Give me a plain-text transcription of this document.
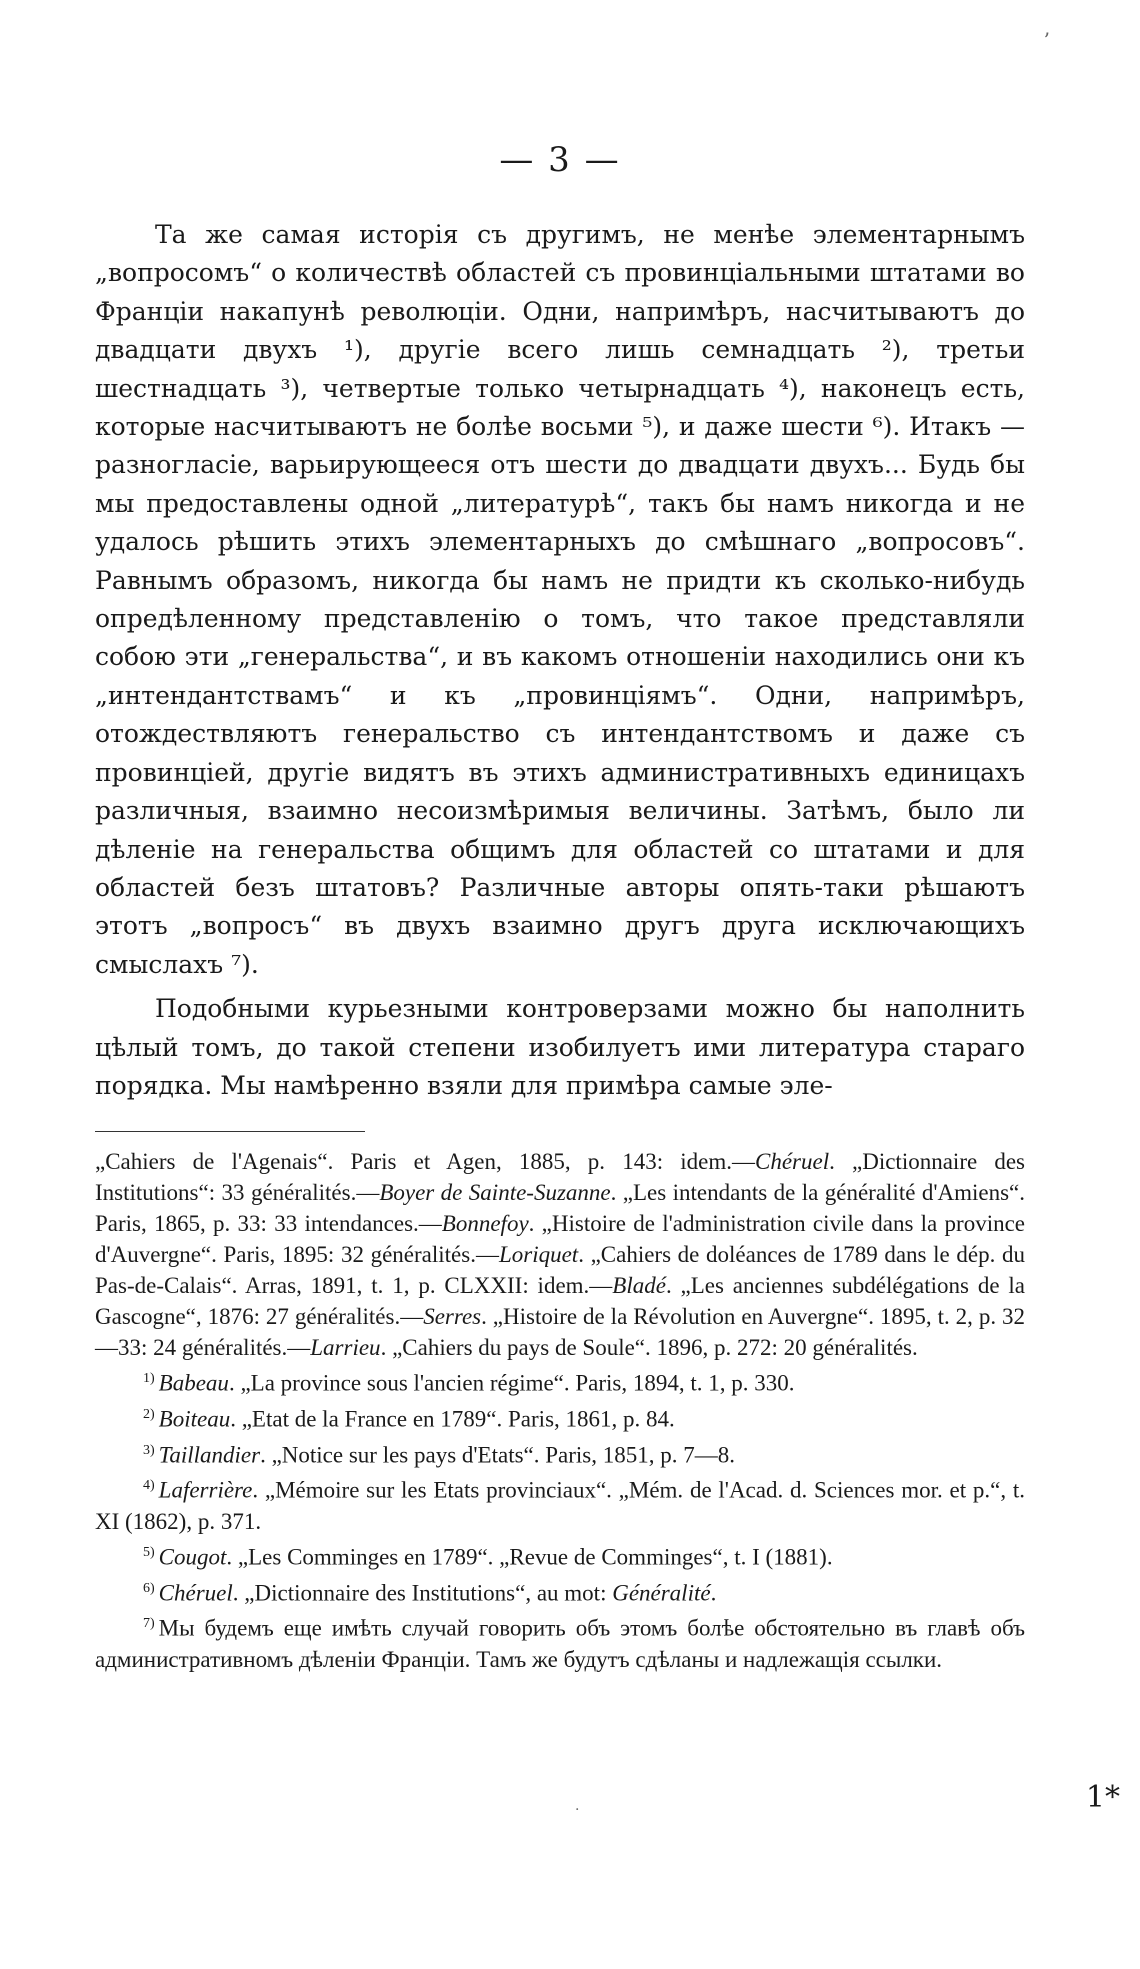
’
— 3 —

Та же самая исторія съ другимъ, не менѣе элементарнымъ „вопросомъ“ о количествѣ областей съ провинціальными штатами во Франціи накапунѣ революціи. Одни, напримѣръ, насчитываютъ до двадцати двухъ ¹), другіе всего лишь семнадцать ²), третьи шестнадцать ³), четвертые только четырнадцать ⁴), наконецъ есть, которые насчитываютъ не болѣе восьми ⁵), и даже шести ⁶). Итакъ — разногласіе, варьирующееся отъ шести до двадцати двухъ... Будь бы мы предоставлены одной „литературѣ“, такъ бы намъ никогда и не удалось рѣшить этихъ элементарныхъ до смѣшнаго „вопросовъ“. Равнымъ образомъ, никогда бы намъ не придти къ сколько-нибудь опредѣленному представленію о томъ, что такое представляли собою эти „генеральства“, и въ какомъ отношеніи находились они къ „интендантствамъ“ и къ „провинціямъ“. Одни, напримѣръ, отождествляютъ генеральство съ интендантствомъ и даже съ провинціей, другіе видятъ въ этихъ административныхъ единицахъ различныя, взаимно несоизмѣримыя величины. Затѣмъ, было ли дѣленіе на генеральства общимъ для областей со штатами и для областей безъ штатовъ? Различные авторы опять-таки рѣшаютъ этотъ „вопросъ“ въ двухъ взаимно другъ друга исключающихъ смыслахъ ⁷).

Подобными курьезными контроверзами можно бы наполнить цѣлый томъ, до такой степени изобилуетъ ими литература стараго порядка. Мы намѣренно взяли для примѣра самые эле-

„Cahiers de l'Agenais“. Paris et Agen, 1885, p. 143: idem.—Chéruel. „Dictionnaire des Institutions“: 33 généralités.—Boyer de Sainte-Suzanne. „Les intendants de la généralité d'Amiens“. Paris, 1865, p. 33: 33 intendances.—Bonnefoy. „Histoire de l'administration civile dans la province d'Auvergne“. Paris, 1895: 32 généralités.—Loriquet. „Cahiers de doléances de 1789 dans le dép. du Pas-de-Calais“. Arras, 1891, t. 1, p. CLXXII: idem.—Bladé. „Les anciennes subdélégations de la Gascogne“, 1876: 27 généralités.—Serres. „Histoire de la Révolution en Auvergne“. 1895, t. 2, p. 32—33: 24 généralités.—Larrieu. „Cahiers du pays de Soule“. 1896, p. 272: 20 généralités.

$^{1)}$ Babeau. „La province sous l'ancien régime“. Paris, 1894, t. 1, p. 330.

$^{2)}$ Boiteau. „Etat de la France en 1789“. Paris, 1861, p. 84.

$^{3)}$ Taillandier. „Notice sur les pays d'Etats“. Paris, 1851, p. 7—8.

$^{4)}$ Laferrière. „Mémoire sur les Etats provinciaux“. „Mém. de l'Acad. d. Sciences mor. et p.“, t. XI (1862), p. 371.

$^{5)}$ Cougot. „Les Comminges en 1789“. „Revue de Comminges“, t. I (1881).

$^{6)}$ Chéruel. „Dictionnaire des Institutions“, au mot: Généralité.

$^{7)}$ Мы будемъ еще имѣть случай говорить объ этомъ болѣе обстоятельно въ главѣ объ административномъ дѣленіи Франціи. Тамъ же будутъ сдѣланы и надлежащія ссылки.

·	1*
